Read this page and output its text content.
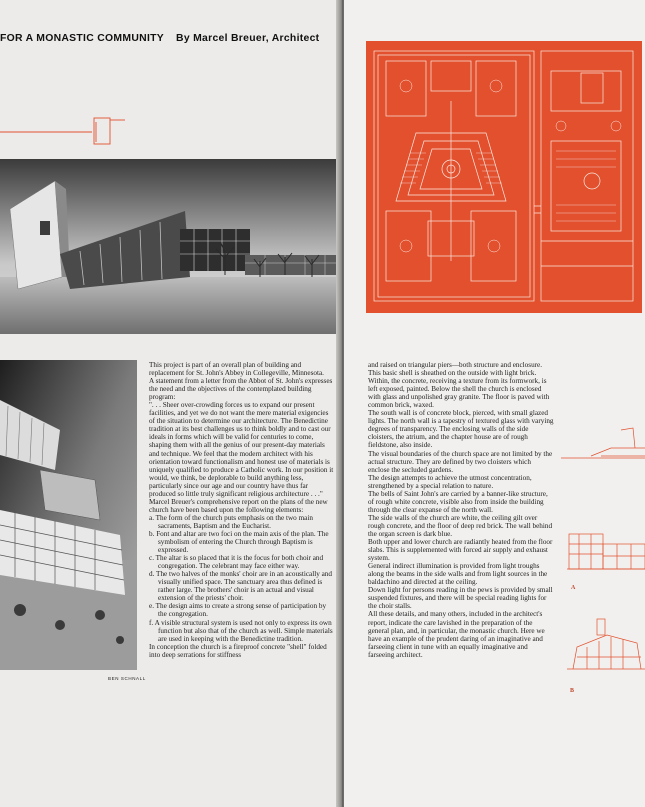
FOR A MONASTIC COMMUNITY By Marcel Breuer, Architect
BEN SCHNALL

This project is part of an overall plan of building and replacement for St. John's Abbey in Collegeville, Minnesota.

A statement from a letter from the Abbot of St. John's expresses the need and the objectives of the contemplated building program:

". . . Sheer over-crowding forces us to expand our present facilities, and yet we do not want the mere material exigencies of the situation to determine our architecture. The Benedictine tradition at its best challenges us to think boldly and to cast our ideals in forms which will be valid for centuries to come, shaping them with all the genius of our present-day materials and technique. We feel that the modern architect with his orientation toward functionalism and honest use of materials is uniquely qualified to produce a Catholic work. In our position it would, we think, be deplorable to build anything less, particularly since our age and our country have thus far produced so little truly significant religious architecture . . ."

Marcel Breuer's comprehensive report on the plans of the new church have been based upon the following elements:

a. The form of the church puts emphasis on the two main sacraments, Baptism and the Eucharist.

b. Font and altar are two foci on the main axis of the plan. The symbolism of entering the Church through Baptism is expressed.

c. The altar is so placed that it is the focus for both choir and congregation. The celebrant may face either way.

d. The two halves of the monks' choir are in an acoustically and visually unified space. The sanctuary area thus defined is rather large. The brothers' choir is an actual and visual extension of the priests' choir.

e. The design aims to create a strong sense of participation by the congregation.

f. A visible structural system is used not only to express its own function but also that of the church as well. Simple materials are used in keeping with the Benedictine tradition.

In conception the church is a fireproof concrete "shell" folded into deep serrations for stiffness

and raised on triangular piers—both structure and enclosure.

This basic shell is sheathed on the outside with light brick. Within, the concrete, receiving a texture from its formwork, is left exposed, painted. Below the shell the church is enclosed with glass and unpolished gray granite. The floor is paved with common brick, waxed.

The south wall is of concrete block, pierced, with small glazed lights. The north wall is a tapestry of textured glass with varying degrees of transparency. The enclosing walls of the side cloisters, the atrium, and the chapter house are of rough fieldstone, also inside.

The visual boundaries of the church space are not limited by the actual structure. They are defined by two cloisters which enclose the secluded gardens.

The design attempts to achieve the utmost concentration, strengthened by a special relation to nature.

The bells of Saint John's are carried by a banner-like structure, of rough white concrete, visible also from inside the building through the clear expanse of the north wall.

The side walls of the church are white, the ceiling gilt over rough concrete, and the floor of deep red brick. The wall behind the organ screen is dark blue.

Both upper and lower church are radiantly heated from the floor slabs. This is supplemented with forced air supply and exhaust system.

General indirect illumination is provided from light troughs along the beams in the side walls and from light sources in the baldachino and directed at the ceiling.

Down light for persons reading in the pews is provided by small suspended fixtures, and there will be special reading lights for the choir stalls.

All these details, and many others, included in the architect's report, indicate the care lavished in the preparation of the general plan, and, in particular, the monastic church. Here we have an example of the prudent daring of an imaginative and farseeing client in tune with an equally imaginative and farseeing architect.

A
B
